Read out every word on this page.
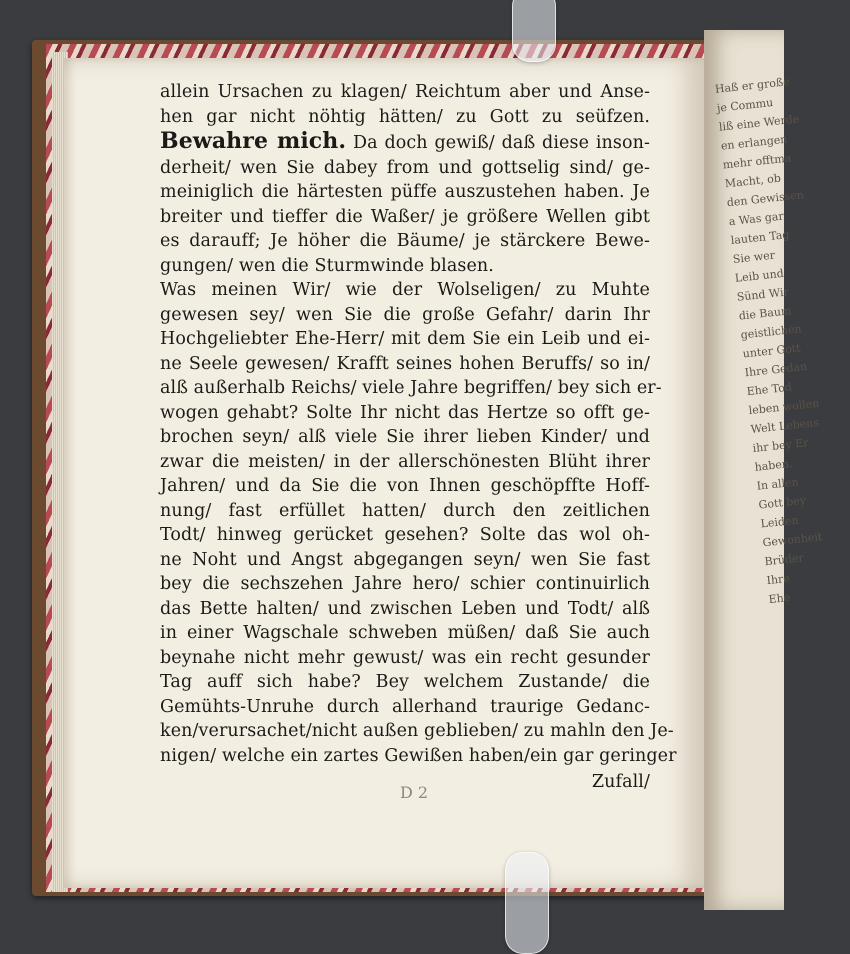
Haß er große
je Commu
liß eine Werde
en erlangen
mehr offtma
Macht, ob
den Gewissen
a Was gar
lauten Tag
Sie wer
Leib und
Sünd Wir
die Baum
geistlichen
unter Gott
Ihre Gedan
Ehe Tod
leben wollen
Welt Lebens
ihr bey Er
haben.
In allen
Gott bey
Leiden
Gewonheit
Brüder
Ihre
Ehe
allein Ursachen zu klagen/ Reichtum aber und Anse-
hen gar nicht nöhtig hätten/ zu Gott zu seüfzen.
Bewahre mich. Da doch gewiß/ daß diese inson-
derheit/ wen Sie dabey from und gottselig sind/ ge-
meiniglich die härtesten püffe auszustehen haben. Je
breiter und tieffer die Waßer/ je größere Wellen gibt
es darauff; Je höher die Bäume/ je stärckere Bewe-
gungen/ wen die Sturmwinde blasen.
Was meinen Wir/ wie der Wolseligen/ zu Muhte
gewesen sey/ wen Sie die große Gefahr/ darin Ihr
Hochgeliebter Ehe-Herr/ mit dem Sie ein Leib und ei-
ne Seele gewesen/ Krafft seines hohen Beruffs/ so in/
alß außerhalb Reichs/ viele Jahre begriffen/ bey sich er-
wogen gehabt? Solte Ihr nicht das Hertze so offt ge-
brochen seyn/ alß viele Sie ihrer lieben Kinder/ und
zwar die meisten/ in der allerschönesten Blüht ihrer
Jahren/ und da Sie die von Ihnen geschöpffte Hoff-
nung/ fast erfüllet hatten/ durch den zeitlichen
Todt/ hinweg gerücket gesehen? Solte das wol oh-
ne Noht und Angst abgegangen seyn/ wen Sie fast
bey die sechszehen Jahre hero/ schier continuirlich
das Bette halten/ und zwischen Leben und Todt/ alß
in einer Wagschale schweben müßen/ daß Sie auch
beynahe nicht mehr gewust/ was ein recht gesunder
Tag auff sich habe? Bey welchem Zustande/ die
Gemühts-Unruhe durch allerhand traurige Gedanc-
ken/verursachet/nicht außen geblieben/ zu mahln den Je-
nigen/ welche ein zartes Gewißen haben/ein gar geringer
Zufall/
D 2
